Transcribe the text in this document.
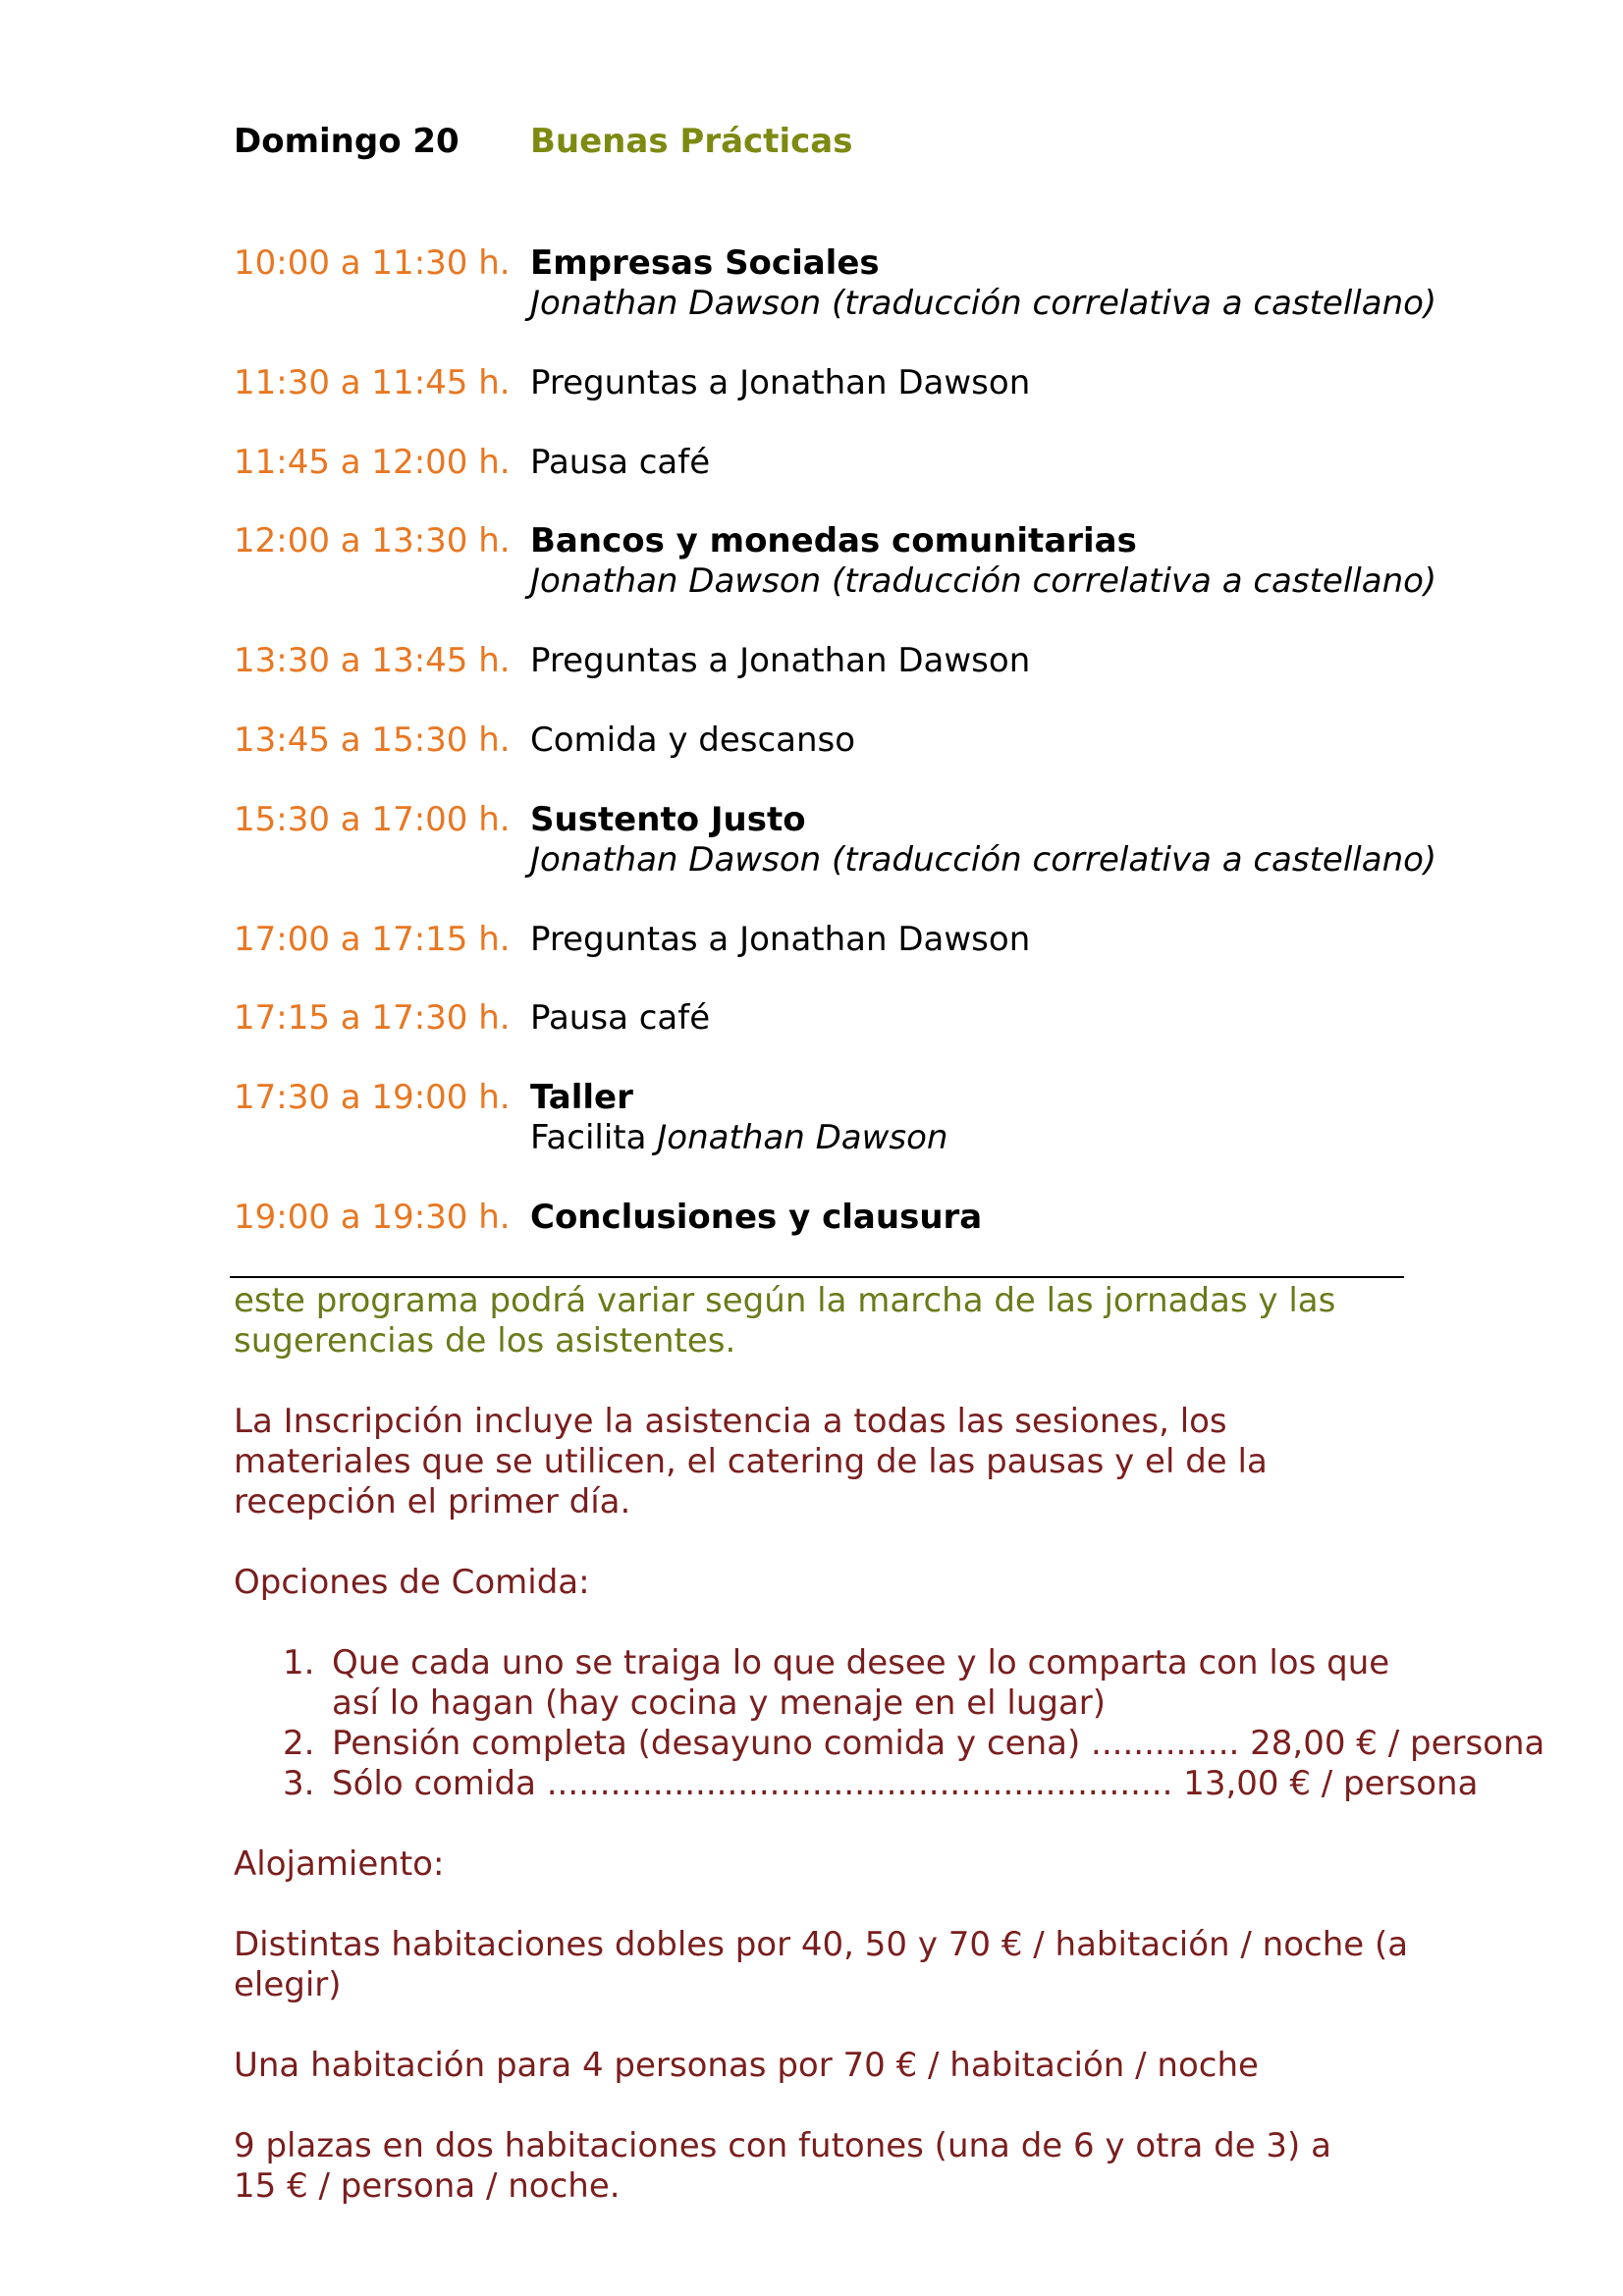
Domingo 20 Buenas Prácticas
10:00 a 11:30 h. Empresas Sociales
Jonathan Dawson (traducción correlativa a castellano)
11:30 a 11:45 h. Preguntas a Jonathan Dawson
11:45 a 12:00 h. Pausa café
12:00 a 13:30 h. Bancos y monedas comunitarias
Jonathan Dawson (traducción correlativa a castellano)
13:30 a 13:45 h. Preguntas a Jonathan Dawson
13:45 a 15:30 h. Comida y descanso
15:30 a 17:00 h. Sustento Justo
Jonathan Dawson (traducción correlativa a castellano)
17:00 a 17:15 h. Preguntas a Jonathan Dawson
17:15 a 17:30 h. Pausa café
17:30 a 19:00 h. Taller
Facilita Jonathan Dawson
19:00 a 19:30 h. Conclusiones y clausura

este programa podrá variar según la marcha de las jornadas y las sugerencias de los asistentes.

La Inscripción incluye la asistencia a todas las sesiones, los materiales que se utilicen, el catering de las pausas y el de la recepción el primer día.

Opciones de Comida:

1. Que cada uno se traiga lo que desee y lo comparta con los que así lo hagan (hay cocina y menaje en el lugar)
2. Pensión completa (desayuno comida y cena) .............. 28,00 € / persona
3. Sólo comida ........................................................... 13,00 € / persona

Alojamiento:

Distintas habitaciones dobles por 40, 50 y 70 € / habitación / noche (a elegir)

Una habitación para 4 personas por 70 € / habitación / noche

9 plazas en dos habitaciones con futones (una de 6 y otra de 3) a 15 € / persona / noche.
